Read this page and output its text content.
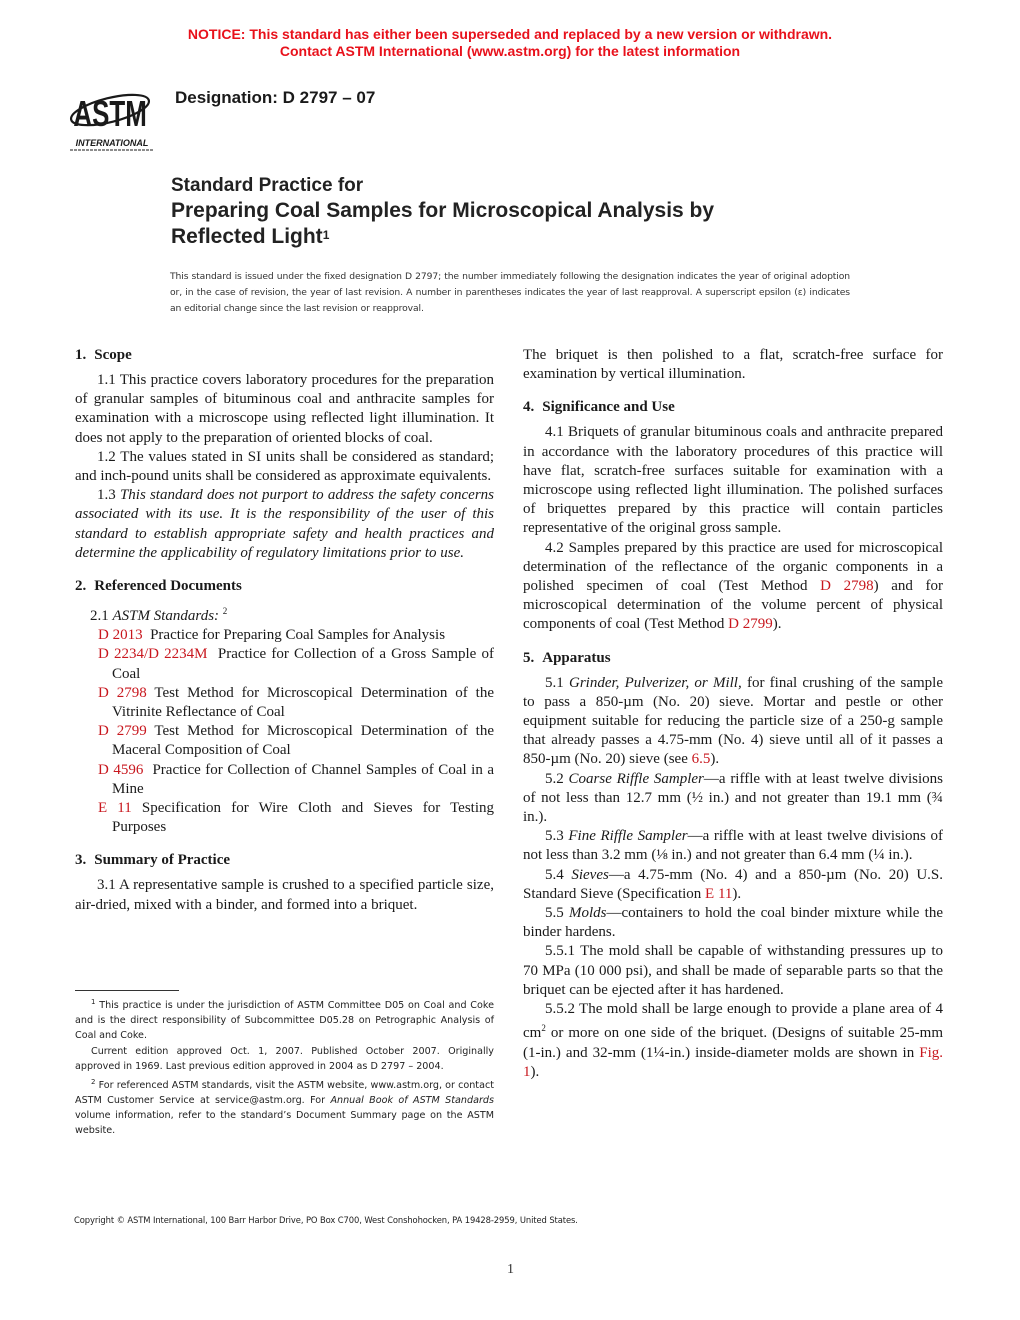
NOTICE: This standard has either been superseded and replaced by a new version or withdrawn.
Contact ASTM International (www.astm.org) for the latest information
ASTM
INTERNATIONAL
Designation: D 2797 – 07
Standard Practice for
Preparing Coal Samples for Microscopical Analysis by
Reflected Light$^1$
This standard is issued under the fixed designation D 2797; the number immediately following the designation indicates the year of original adoption or, in the case of revision, the year of last revision. A number in parentheses indicates the year of last reapproval. A superscript epsilon (ε) indicates an editorial change since the last revision or reapproval.
1. Scope

1.1 This practice covers laboratory procedures for the preparation of granular samples of bituminous coal and anthracite samples for examination with a microscope using reflected light illumination. It does not apply to the preparation of oriented blocks of coal.

1.2 The values stated in SI units shall be considered as standard; and inch-pound units shall be considered as approximate equivalents.

1.3 This standard does not purport to address the safety concerns associated with its use. It is the responsibility of the user of this standard to establish appropriate safety and health practices and determine the applicability of regulatory limitations prior to use.

2. Referenced Documents

2.1 ASTM Standards: $^2$

D 2013 Practice for Preparing Coal Samples for Analysis

D 2234/D 2234M Practice for Collection of a Gross Sample of Coal

D 2798 Test Method for Microscopical Determination of the Vitrinite Reflectance of Coal

D 2799 Test Method for Microscopical Determination of the Maceral Composition of Coal

D 4596 Practice for Collection of Channel Samples of Coal in a Mine

E 11 Specification for Wire Cloth and Sieves for Testing Purposes

3. Summary of Practice

3.1 A representative sample is crushed to a specified particle size, air-dried, mixed with a binder, and formed into a briquet.

$^1$ This practice is under the jurisdiction of ASTM Committee D05 on Coal and Coke and is the direct responsibility of Subcommittee D05.28 on Petrographic Analysis of Coal and Coke.

Current edition approved Oct. 1, 2007. Published October 2007. Originally approved in 1969. Last previous edition approved in 2004 as D 2797 – 2004.

$^2$ For referenced ASTM standards, visit the ASTM website, www.astm.org, or contact ASTM Customer Service at service@astm.org. For Annual Book of ASTM Standards volume information, refer to the standard’s Document Summary page on the ASTM website.

The briquet is then polished to a flat, scratch-free surface for examination by vertical illumination.

4. Significance and Use

4.1 Briquets of granular bituminous coals and anthracite prepared in accordance with the laboratory procedures of this practice will have flat, scratch-free surfaces suitable for examination with a microscope using reflected light illumination. The polished surfaces of briquettes prepared by this practice will contain particles representative of the original gross sample.

4.2 Samples prepared by this practice are used for microscopical determination of the reflectance of the organic components in a polished specimen of coal (Test Method D 2798) and for microscopical determination of the volume percent of physical components of coal (Test Method D 2799).

5. Apparatus

5.1 Grinder, Pulverizer, or Mill, for final crushing of the sample to pass a 850-µm (No. 20) sieve. Mortar and pestle or other equipment suitable for reducing the particle size of a 250-g sample that already passes a 4.75-mm (No. 4) sieve until all of it passes a 850-µm (No. 20) sieve (see 6.5).

5.2 Coarse Riffle Sampler—a riffle with at least twelve divisions of not less than 12.7 mm (½ in.) and not greater than 19.1 mm (¾ in.).

5.3 Fine Riffle Sampler—a riffle with at least twelve divisions of not less than 3.2 mm (⅛ in.) and not greater than 6.4 mm (¼ in.).

5.4 Sieves—a 4.75-mm (No. 4) and a 850-µm (No. 20) U.S. Standard Sieve (Specification E 11).

5.5 Molds—containers to hold the coal binder mixture while the binder hardens.

5.5.1 The mold shall be capable of withstanding pressures up to 70 MPa (10 000 psi), and shall be made of separable parts so that the briquet can be ejected after it has hardened.

5.5.2 The mold shall be large enough to provide a plane area of 4 $cm^2$ or more on one side of the briquet. (Designs of suitable 25-mm (1-in.) and 32-mm (1¼-in.) inside-diameter molds are shown in Fig. 1).

Copyright © ASTM International, 100 Barr Harbor Drive, PO Box C700, West Conshohocken, PA 19428-2959, United States.
1
